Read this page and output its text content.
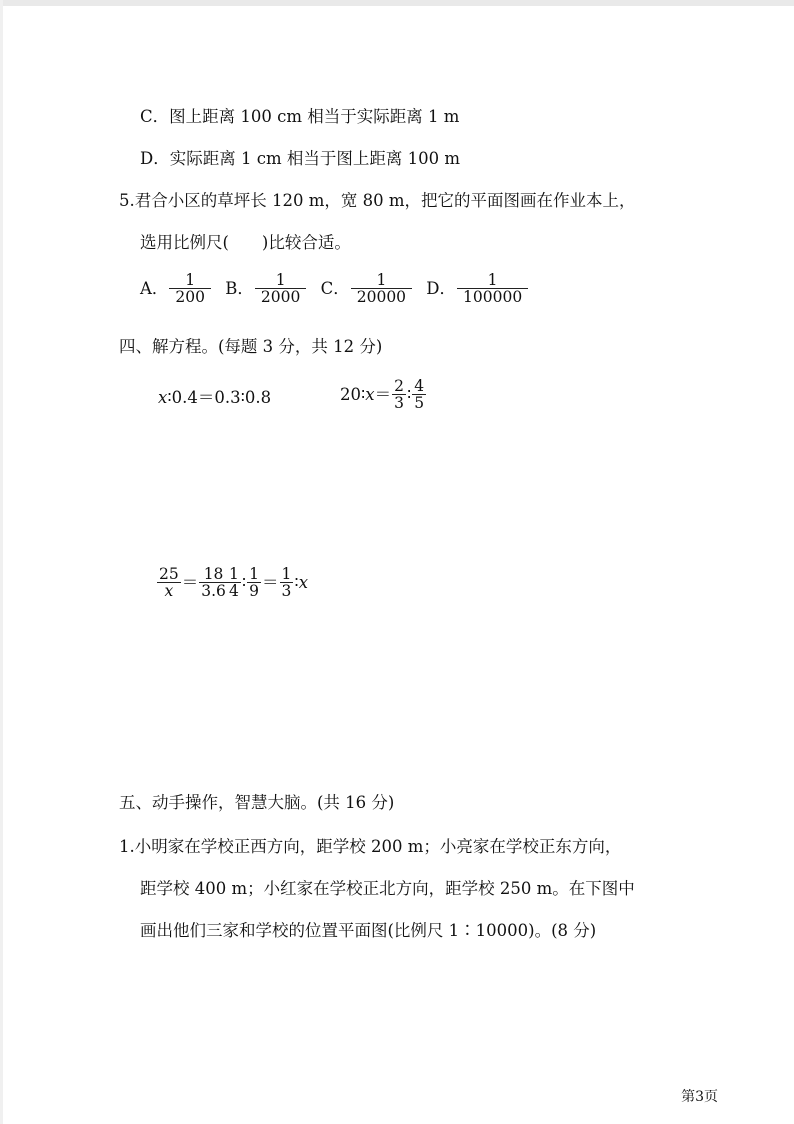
C．图上距离 100 cm 相当于实际距离 1 m
D．实际距离 1 cm 相当于图上距离 100 m
5.君合小区的草坪长 120 m，宽 80 m，把它的平面图画在作业本上，
选用比例尺(　　)比较合适。
A． $\frac{1}{200}$ B． $\frac{1}{2000}$ C． $\frac{1}{20000}$ D． $\frac{1}{100000}$
四、解方程。(每题 3 分，共 12 分)
x∶0.4＝0.3∶0.8	20∶x＝ $\frac{2}{3}$ ∶ $\frac{4}{5}$
$\frac{25}{x} = \frac{18}{3.6} \frac{1}{4}$ ∶ $\frac{1}{9} = \frac{1}{3}$ ∶x
五、动手操作，智慧大脑。(共 16 分)
1.小明家在学校正西方向，距学校 200 m；小亮家在学校正东方向，
距学校 400 m；小红家在学校正北方向，距学校 250 m。在下图中
画出他们三家和学校的位置平面图(比例尺 1∶10000)。(8 分)
第3页
